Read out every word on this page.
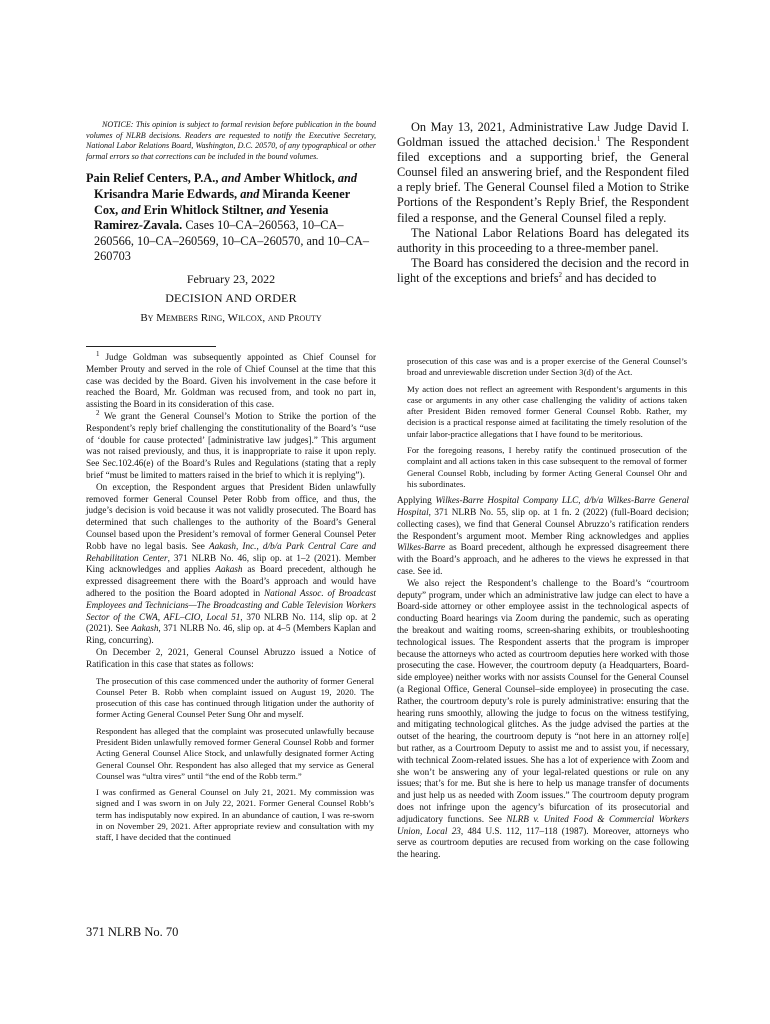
NOTICE: This opinion is subject to formal revision before publication in the bound volumes of NLRB decisions. Readers are requested to notify the Executive Secretary, National Labor Relations Board, Washington, D.C. 20570, of any typographical or other formal errors so that corrections can be included in the bound volumes.

Pain Relief Centers, P.A., and Amber Whitlock, and Krisandra Marie Edwards, and Miranda Keener Cox, and Erin Whitlock Stiltner, and Yesenia Ramirez-Zavala. Cases 10–CA–260563, 10–CA–260566, 10–CA–260569, 10–CA–260570, and 10–CA–260703

February 23, 2022

DECISION AND ORDER

By Members Ring, Wilcox, and Prouty

On May 13, 2021, Administrative Law Judge David I. Goldman issued the attached decision.$^1$ The Respondent filed exceptions and a supporting brief, the General Counsel filed an answering brief, and the Respondent filed a reply brief. The General Counsel filed a Motion to Strike Portions of the Respondent’s Reply Brief, the Respondent filed a response, and the General Counsel filed a reply.

The National Labor Relations Board has delegated its authority in this proceeding to a three-member panel.

The Board has considered the decision and the record in light of the exceptions and briefs$^2$ and has decided to

$^1$ Judge Goldman was subsequently appointed as Chief Counsel for Member Prouty and served in the role of Chief Counsel at the time that this case was decided by the Board. Given his involvement in the case before it reached the Board, Mr. Goldman was recused from, and took no part in, assisting the Board in its consideration of this case.

$^2$ We grant the General Counsel’s Motion to Strike the portion of the Respondent’s reply brief challenging the constitutionality of the Board’s “use of ‘double for cause protected’ [administrative law judges].” This argument was not raised previously, and thus, it is inappropriate to raise it upon reply. See Sec.102.46(e) of the Board’s Rules and Regulations (stating that a reply brief “must be limited to matters raised in the brief to which it is replying”).

On exception, the Respondent argues that President Biden unlawfully removed former General Counsel Peter Robb from office, and thus, the judge’s decision is void because it was not validly prosecuted. The Board has determined that such challenges to the authority of the Board’s General Counsel based upon the President’s removal of former General Counsel Peter Robb have no legal basis. See Aakash, Inc., d/b/a Park Central Care and Rehabilitation Center, 371 NLRB No. 46, slip op. at 1–2 (2021). Member King acknowledges and applies Aakash as Board precedent, although he expressed disagreement there with the Board’s approach and would have adhered to the position the Board adopted in National Assoc. of Broadcast Employees and Technicians—The Broadcasting and Cable Television Workers Sector of the CWA, AFL–CIO, Local 51, 370 NLRB No. 114, slip op. at 2 (2021). See Aakash, 371 NLRB No. 46, slip op. at 4–5 (Members Kaplan and Ring, concurring).

On December 2, 2021, General Counsel Abruzzo issued a Notice of Ratification in this case that states as follows:

The prosecution of this case commenced under the authority of former General Counsel Peter B. Robb when complaint issued on August 19, 2020. The prosecution of this case has continued through litigation under the authority of former Acting General Counsel Peter Sung Ohr and myself.

Respondent has alleged that the complaint was prosecuted unlawfully because President Biden unlawfully removed former General Counsel Robb and former Acting General Counsel Alice Stock, and unlawfully designated former Acting General Counsel Ohr. Respondent has also alleged that my service as General Counsel was “ultra vires” until “the end of the Robb term.”

I was confirmed as General Counsel on July 21, 2021. My commission was signed and I was sworn in on July 22, 2021. Former General Counsel Robb’s term has indisputably now expired. In an abundance of caution, I was re-sworn in on November 29, 2021. After appropriate review and consultation with my staff, I have decided that the continued

prosecution of this case was and is a proper exercise of the General Counsel’s broad and unreviewable discretion under Section 3(d) of the Act.

My action does not reflect an agreement with Respondent’s arguments in this case or arguments in any other case challenging the validity of actions taken after President Biden removed former General Counsel Robb. Rather, my decision is a practical response aimed at facilitating the timely resolution of the unfair labor-practice allegations that I have found to be meritorious.

For the foregoing reasons, I hereby ratify the continued prosecution of the complaint and all actions taken in this case subsequent to the removal of former General Counsel Robb, including by former Acting General Counsel Ohr and his subordinates.

Applying Wilkes-Barre Hospital Company LLC, d/b/a Wilkes-Barre General Hospital, 371 NLRB No. 55, slip op. at 1 fn. 2 (2022) (full-Board decision; collecting cases), we find that General Counsel Abruzzo’s ratification renders the Respondent’s argument moot. Member Ring acknowledges and applies Wilkes-Barre as Board precedent, although he expressed disagreement there with the Board’s approach, and he adheres to the views he expressed in that case. See id.

We also reject the Respondent’s challenge to the Board’s “courtroom deputy” program, under which an administrative law judge can elect to have a Board-side attorney or other employee assist in the technological aspects of conducting Board hearings via Zoom during the pandemic, such as operating the breakout and waiting rooms, screen-sharing exhibits, or troubleshooting technological issues. The Respondent asserts that the program is improper because the attorneys who acted as courtroom deputies here worked with those prosecuting the case. However, the courtroom deputy (a Headquarters, Board-side employee) neither works with nor assists Counsel for the General Counsel (a Regional Office, General Counsel–side employee) in prosecuting the case. Rather, the courtroom deputy’s role is purely administrative: ensuring that the hearing runs smoothly, allowing the judge to focus on the witness testifying, and mitigating technological glitches. As the judge advised the parties at the outset of the hearing, the courtroom deputy is “not here in an attorney rol[e] but rather, as a Courtroom Deputy to assist me and to assist you, if necessary, with technical Zoom-related issues. She has a lot of experience with Zoom and she won’t be answering any of your legal-related questions or rule on any issues; that’s for me. But she is here to help us manage transfer of documents and just help us as needed with Zoom issues.” The courtroom deputy program does not infringe upon the agency’s bifurcation of its prosecutorial and adjudicatory functions. See NLRB v. United Food & Commercial Workers Union, Local 23, 484 U.S. 112, 117–118 (1987). Moreover, attorneys who serve as courtroom deputies are recused from working on the case following the hearing.

371 NLRB No. 70
